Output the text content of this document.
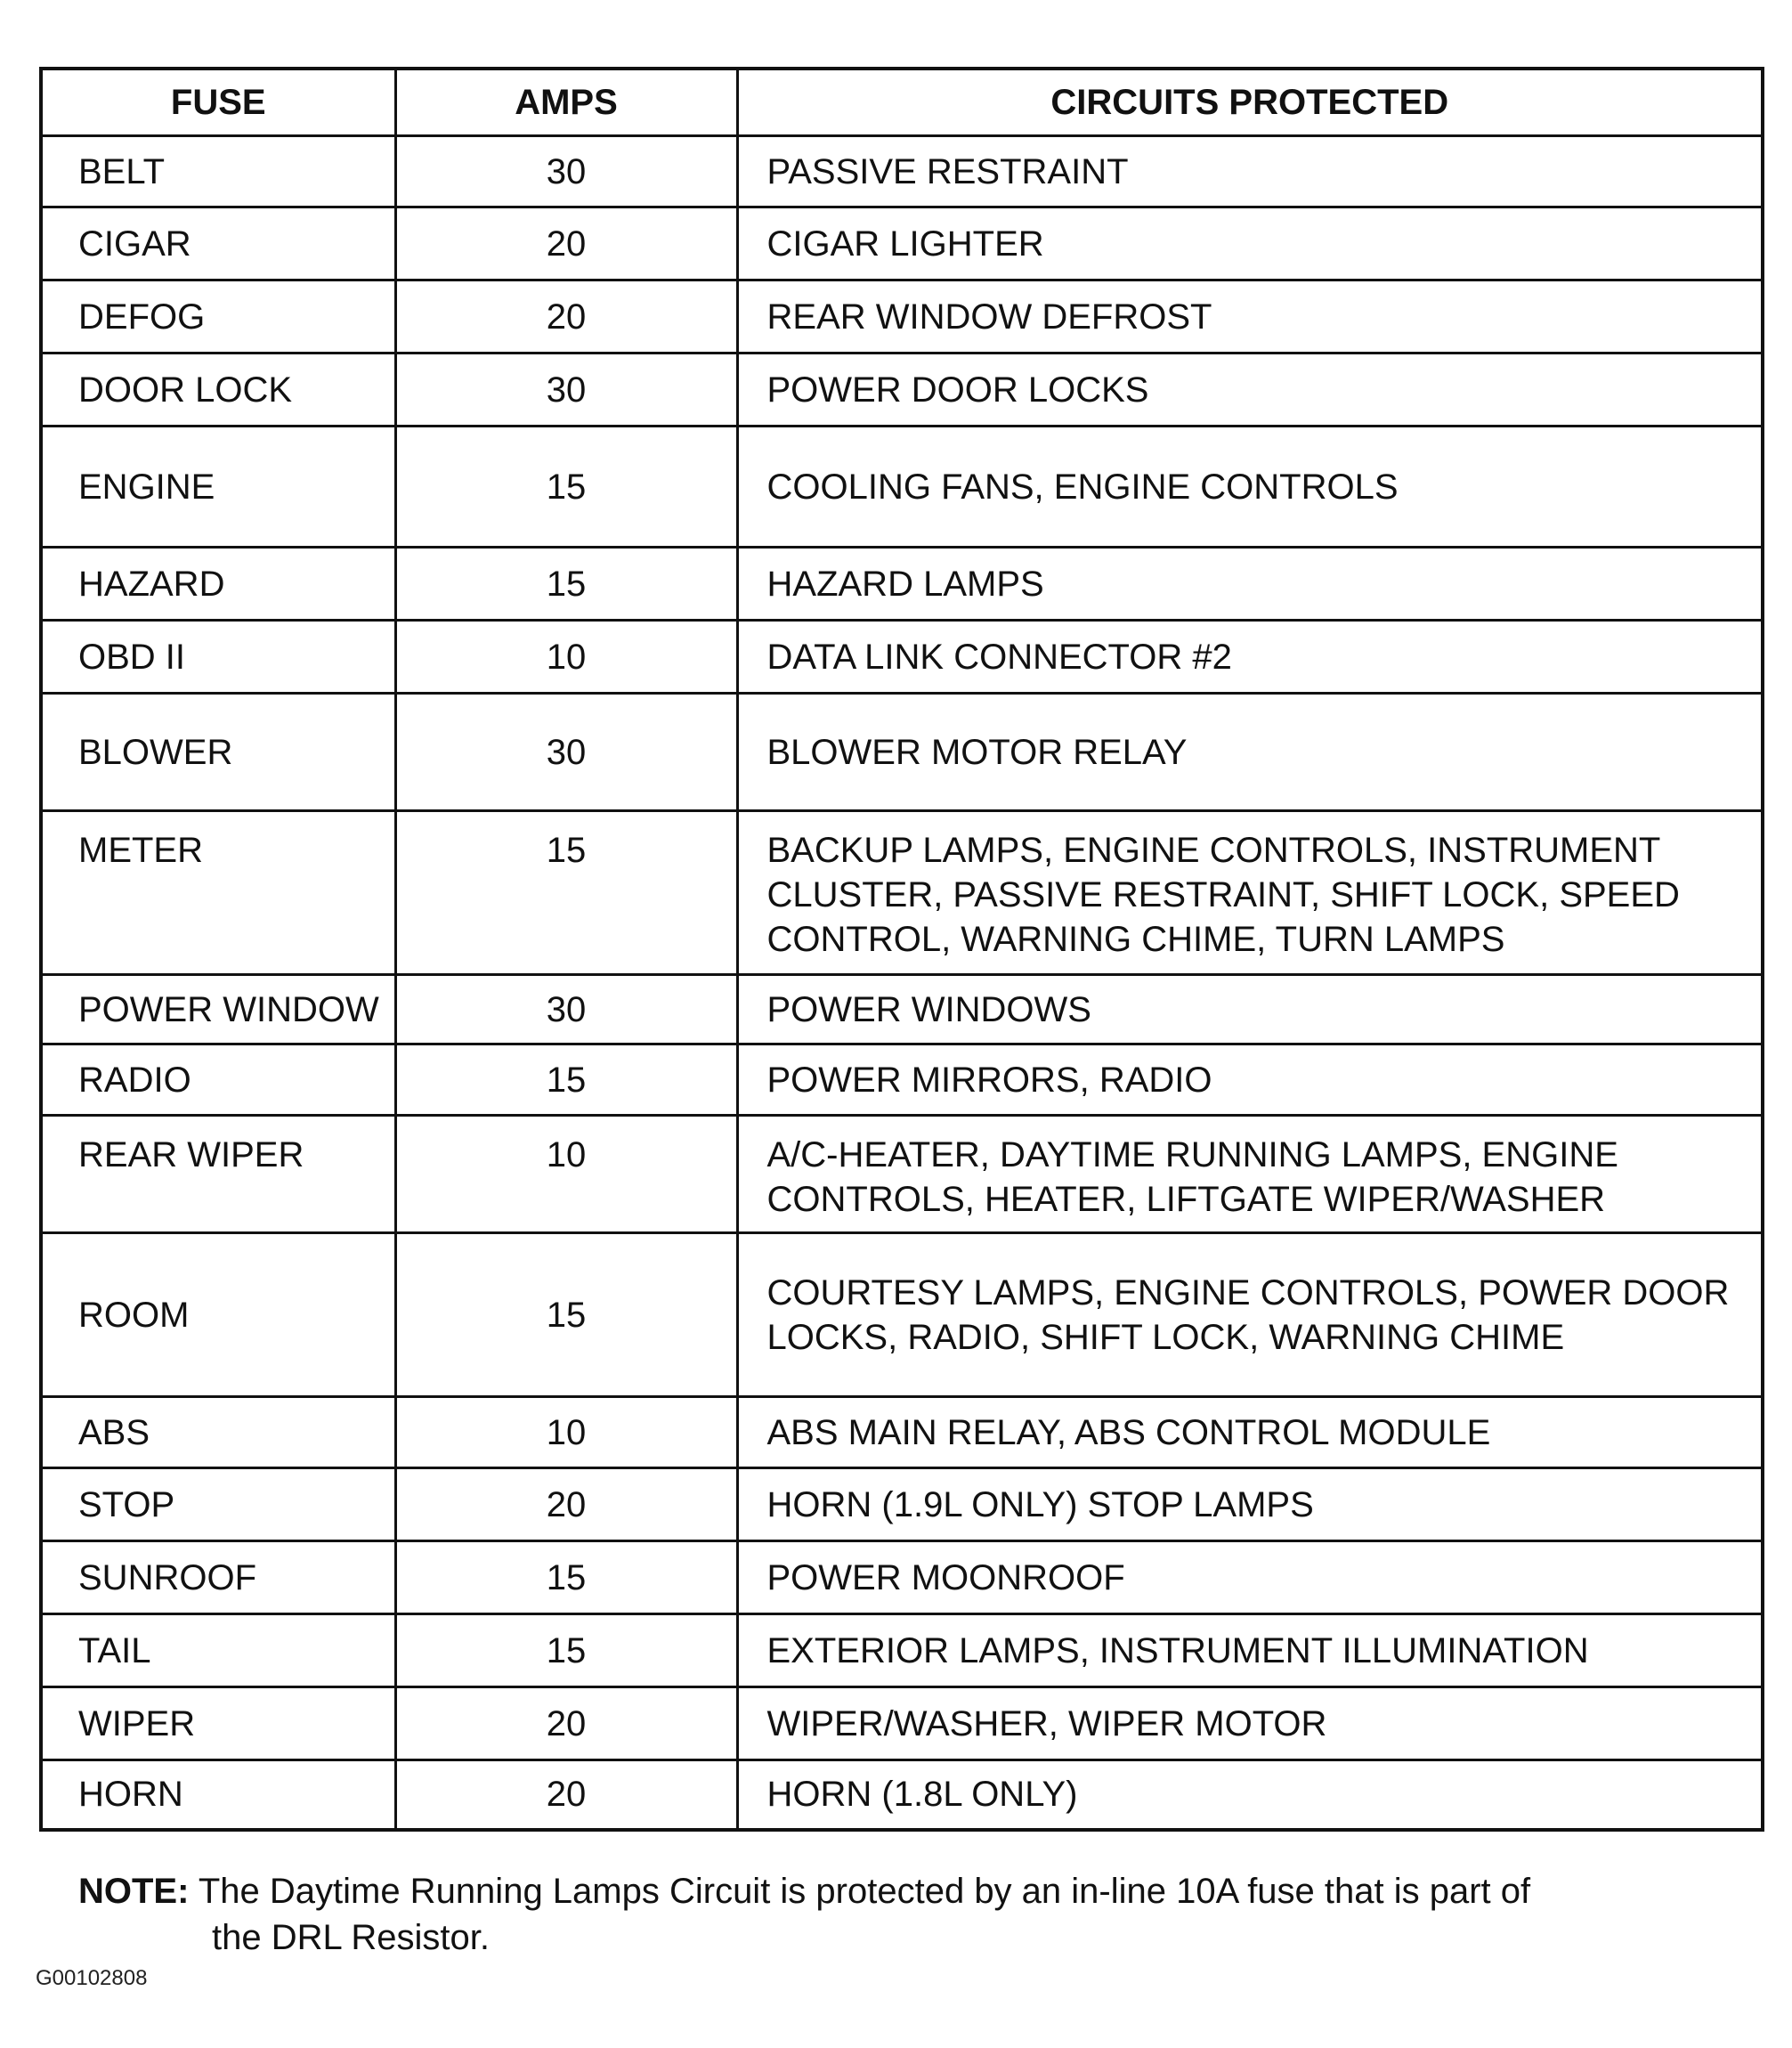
FUSE	AMPS	CIRCUITS PROTECTED
BELT	30	PASSIVE RESTRAINT
CIGAR	20	CIGAR LIGHTER
DEFOG	20	REAR WINDOW DEFROST
DOOR LOCK	30	POWER DOOR LOCKS
ENGINE	15	COOLING FANS, ENGINE CONTROLS
HAZARD	15	HAZARD LAMPS
OBD II	10	DATA LINK CONNECTOR #2
BLOWER	30	BLOWER MOTOR RELAY
METER	15	BACKUP LAMPS, ENGINE CONTROLS, INSTRUMENT CLUSTER, PASSIVE RESTRAINT, SHIFT LOCK, SPEED CONTROL, WARNING CHIME, TURN LAMPS
POWER WINDOW	30	POWER WINDOWS
RADIO	15	POWER MIRRORS, RADIO
REAR WIPER	10	A/C-HEATER, DAYTIME RUNNING LAMPS, ENGINE CONTROLS, HEATER, LIFTGATE WIPER/WASHER
ROOM	15	COURTESY LAMPS, ENGINE CONTROLS, POWER DOOR LOCKS, RADIO, SHIFT LOCK, WARNING CHIME
ABS	10	ABS MAIN RELAY, ABS CONTROL MODULE
STOP	20	HORN (1.9L ONLY) STOP LAMPS
SUNROOF	15	POWER MOONROOF
TAIL	15	EXTERIOR LAMPS, INSTRUMENT ILLUMINATION
WIPER	20	WIPER/WASHER, WIPER MOTOR
HORN	20	HORN (1.8L ONLY)
NOTE: The Daytime Running Lamps Circuit is protected by an in-line 10A fuse that is part of
the DRL Resistor.
G00102808
